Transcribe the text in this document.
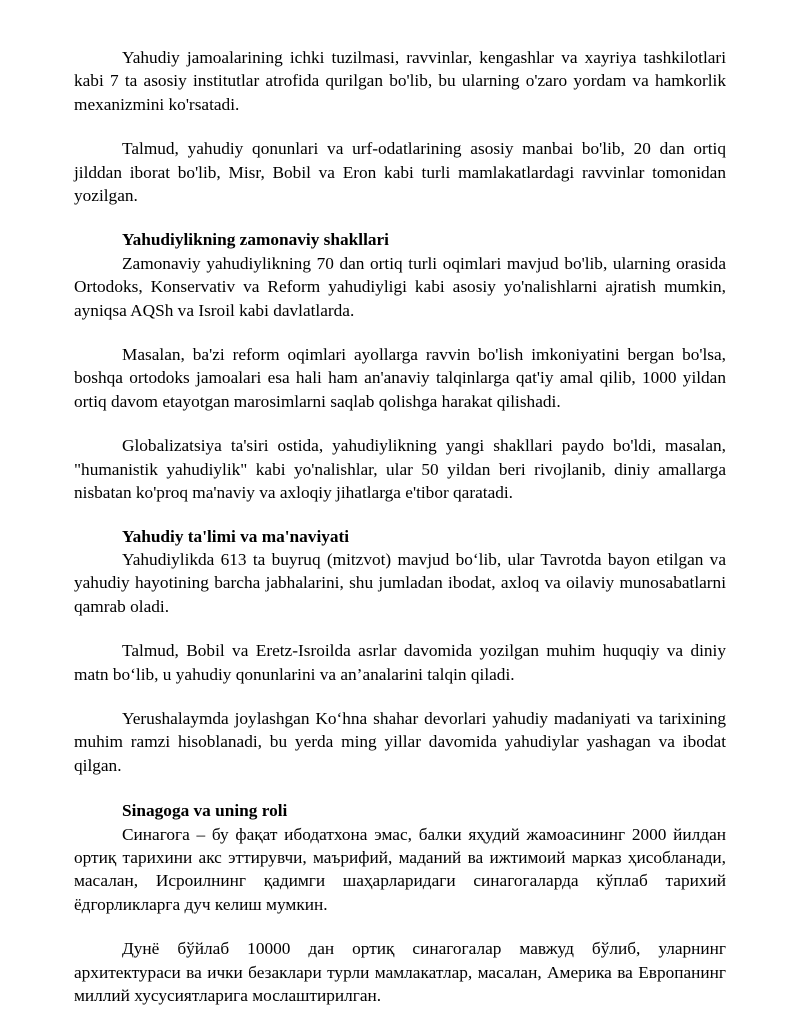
Yahudiy jamoalarining ichki tuzilmasi, ravvinlar, kengashlar va xayriya tashkilotlari kabi 7 ta asosiy institutlar atrofida qurilgan bo'lib, bu ularning o'zaro yordam va hamkorlik mexanizmini ko'rsatadi.

Talmud, yahudiy qonunlari va urf-odatlarining asosiy manbai bo'lib, 20 dan ortiq jilddan iborat bo'lib, Misr, Bobil va Eron kabi turli mamlakatlardagi ravvinlar tomonidan yozilgan.

Yahudiylikning zamonaviy shakllari

Zamonaviy yahudiylikning 70 dan ortiq turli oqimlari mavjud bo'lib, ularning orasida Ortodoks, Konservativ va Reform yahudiyligi kabi asosiy yo'nalishlarni ajratish mumkin, ayniqsa AQSh va Isroil kabi davlatlarda.

Masalan, ba'zi reform oqimlari ayollarga ravvin bo'lish imkoniyatini bergan bo'lsa, boshqa ortodoks jamoalari esa hali ham an'anaviy talqinlarga qat'iy amal qilib, 1000 yildan ortiq davom etayotgan marosimlarni saqlab qolishga harakat qilishadi.

Globalizatsiya ta'siri ostida, yahudiylikning yangi shakllari paydo bo'ldi, masalan, "humanistik yahudiylik" kabi yo'nalishlar, ular 50 yildan beri rivojlanib, diniy amallarga nisbatan ko'proq ma'naviy va axloqiy jihatlarga e'tibor qaratadi.

Yahudiy ta'limi va ma'naviyati

Yahudiylikda 613 ta buyruq (mitzvot) mavjud bo‘lib, ular Tavrotda bayon etilgan va yahudiy hayotining barcha jabhalarini, shu jumladan ibodat, axloq va oilaviy munosabatlarni qamrab oladi.

Talmud, Bobil va Eretz-Isroilda asrlar davomida yozilgan muhim huquqiy va diniy matn bo‘lib, u yahudiy qonunlarini va an’analarini talqin qiladi.

Yerushalaymda joylashgan Ko‘hna shahar devorlari yahudiy madaniyati va tarixining muhim ramzi hisoblanadi, bu yerda ming yillar davomida yahudiylar yashagan va ibodat qilgan.

Sinagoga va uning roli

Синагога – бу фақат ибодатхона эмас, балки яҳудий жамоасининг 2000 йилдан ортиқ тарихини акс эттирувчи, маърифий, маданий ва ижтимоий марказ ҳисобланади, масалан, Исроилнинг қадимги шаҳарларидаги синагогаларда кўплаб тарихий ёдгорликларга дуч келиш мумкин.

Дунё бўйлаб 10000 дан ортиқ синагогалар мавжуд бўлиб, уларнинг архитектураси ва ички безаклари турли мамлакатлар, масалан, Америка ва Европанинг миллий хусусиятларига мослаштирилган.
